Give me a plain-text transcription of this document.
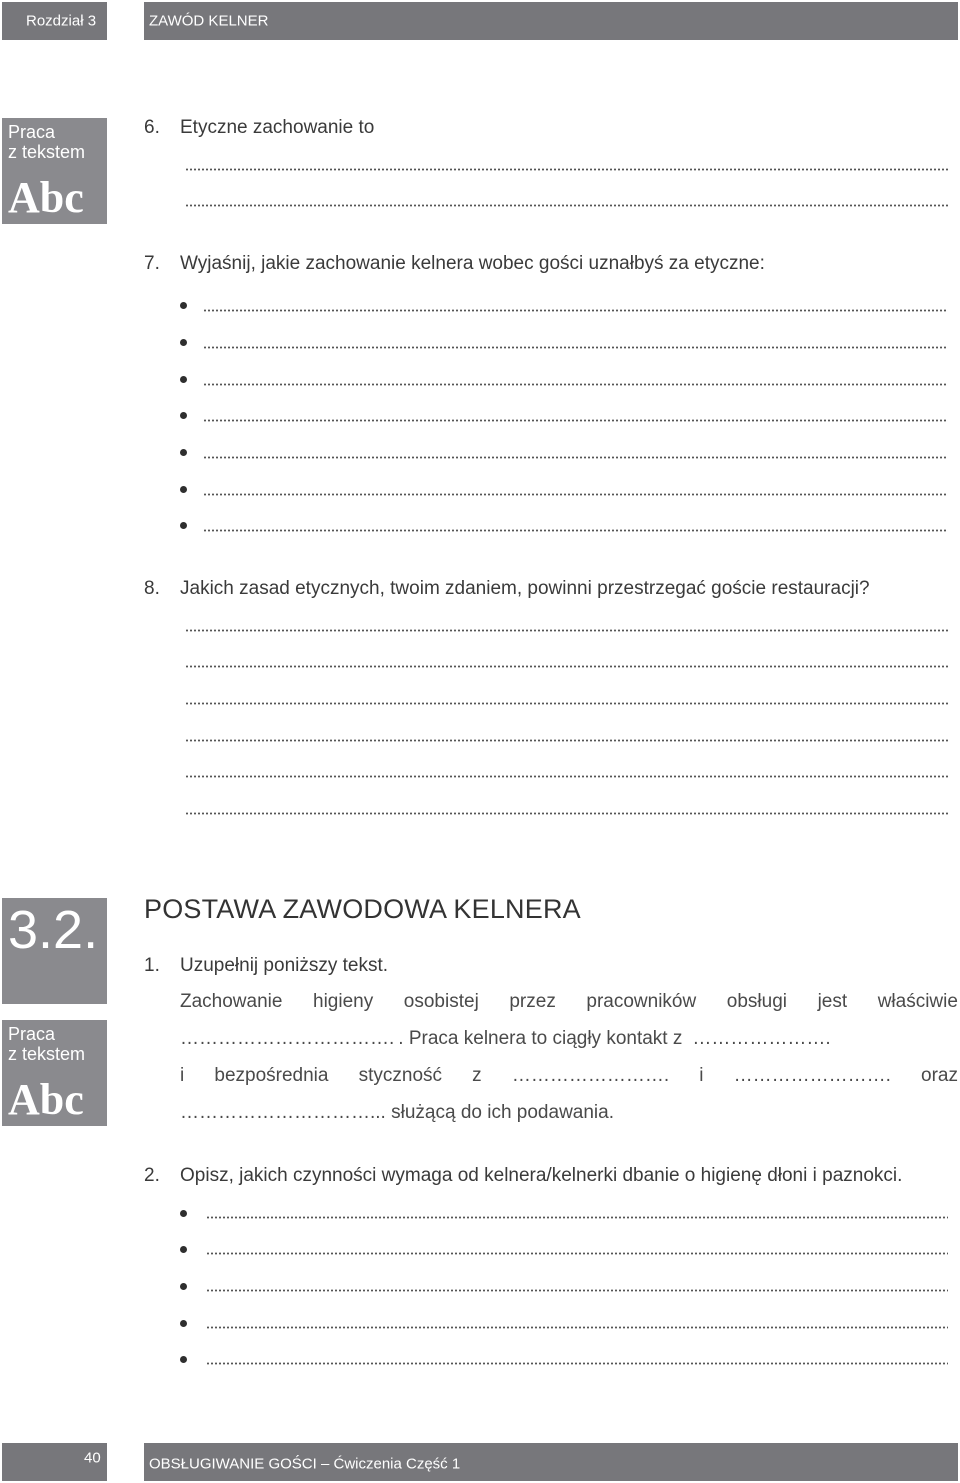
Rozdział 3	ZAWÓD KELNER
Praca
z tekstem
Abc
6. Etyczne zachowanie to
7. Wyjaśnij, jakie zachowanie kelnera wobec gości uznałbyś za etyczne:
8. Jakich zasad etycznych, twoim zdaniem, powinni przestrzegać goście restauracji?
3.2.
Praca
z tekstem
Abc
POSTAWA ZAWODOWA KELNERA
1. Uzupełnij poniższy tekst.
Zachowanie higieny osobistej przez pracowników obsługi jest właściwie
……………………………. . Praca kelnera to ciągły kontakt z ………………….
i bezpośrednia styczność z ……………………. i ……………………. oraz
…………………………... służącą do ich podawania.
2. Opisz, jakich czynności wymaga od kelnera/kelnerki dbanie o higienę dłoni i paznokci.
40	OBSŁUGIWANIE GOŚCI – Ćwiczenia Część 1
